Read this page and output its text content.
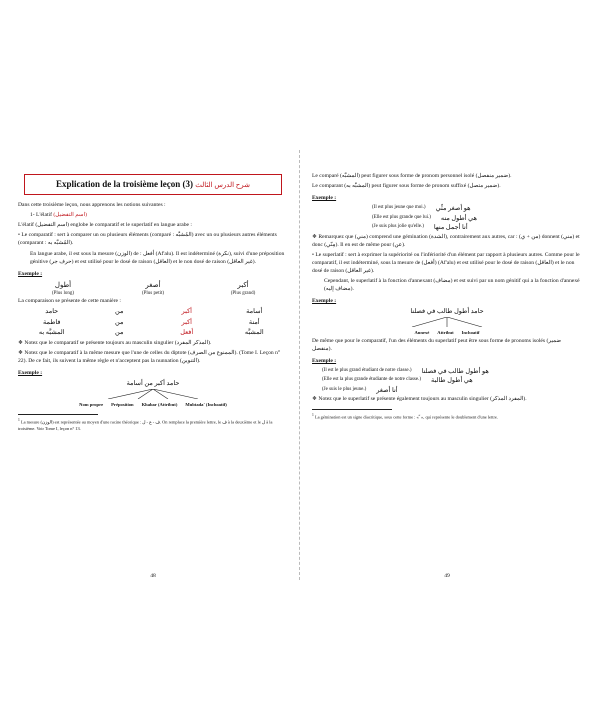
Explication de la troisième leçon (3) شرح الدرس الثالث
Dans cette troisième leçon, nous apprenons les notions suivantes :
1- L'élatif (اسم التفضيل)
L'élatif (اسم التفضيل) englobe le comparatif et le superlatif en langue arabe :
• Le comparatif : sert à comparer un ou plusieurs éléments (comparé : المُشبَّه) avec un ou plusieurs autres éléments (comparant : المُشبَّه به).
En langue arabe, il est sous la mesure (الوزن) de : أفعل (Af'alu). Il est indéterminé (نكرة), suivi d'une préposition génitive (حرف جر) et est utilisé pour le dosé de raison (العاقل) et le non dosé de raison (غير العاقل).
Exemple :
أكبر
أصغر
أطول
(Plus grand)
(Plus petit)
(Plus long)
La comparaison se présente de cette manière :
أسامة
أكبر
من
حامد
أمنة
أكبر
من
فاطمة
المشبَّه
أفعل
من
المشبَّه به
❖ Notez que le comparatif se présente toujours au masculin singulier (المذكر المفرد).
❖ Notez que le comparatif à la même mesure que l'une de celles du diptote (الممنوع من الصرف). (Tome I. Leçon n° 22). De ce fait, ils suivent la même règle et n'acceptent pas la nunnation (التنوين).
Exemple :
حامد أكبر من أسامة
Nom propre Préposition Khabar (Attribut) Mubtada' (Inchoatif)
$^1$ La mesure (الوزن) est représentée au moyen d'une racine théorique : ف - ع - ل. On remplace la première lettre, le ف à la deuxième et le ل à la troisième. Voir Tome I, leçon n° 13.
48
Le comparé (المشبَّه) peut figurer sous forme de pronom personnel isolé (ضمير منفصل).
Le comparant (المشبَّه به) peut figurer sous forme de pronom suffixé (ضمير متصل).
Exemple :
(Il est plus jeune que moi.) هو أصغر منِّي
(Elle est plus grande que lui.) هي أطول منه
(Je suis plus jolie qu'elle.) أنا أجمل منها
❖ Remarquez que (مني) comprend une gémination (الشدة), contrairement aux autres, car : (من + ي) donnent (مني) et donc (مِنّي). Il en est de même pour (عن).
• Le superlatif : sert à exprimer la supériorité ou l'infériorité d'un élément par rapport à plusieurs autres. Comme pour le comparatif, il est indéterminé, sous la mesure de (أفعل) (Af'alu) et est utilisé pour le dosé de raison (العاقل) et le non dosé de raison (غير العاقل).
Cependant, le superlatif à la fonction d'annexant (مضاف) et est suivi par un nom génitif qui a la fonction d'annexé (مضاف إليه).
Exemple :
حامد أطول طالب في فصلنا
Annexé Attribut Inchoatif
De même que pour le comparatif, l'un des éléments du superlatif peut être sous forme de pronoms isolés (ضمير منفصل).
Exemple :
(Il est le plus grand étudiant de notre classe.) هو أطول طالب في فصلنا
(Elle est la plus grande étudiante de notre classe.) هي أطول طالبة
(Je suis le plus jeune.) أنا أصغر
❖ Notez que le superlatif se présente également toujours au masculin singulier (المفرد المذكر).
$^1$ La gémination est un signe diacritique, sous cette forme : « ّ », qui représente le doublement d'une lettre.
49
